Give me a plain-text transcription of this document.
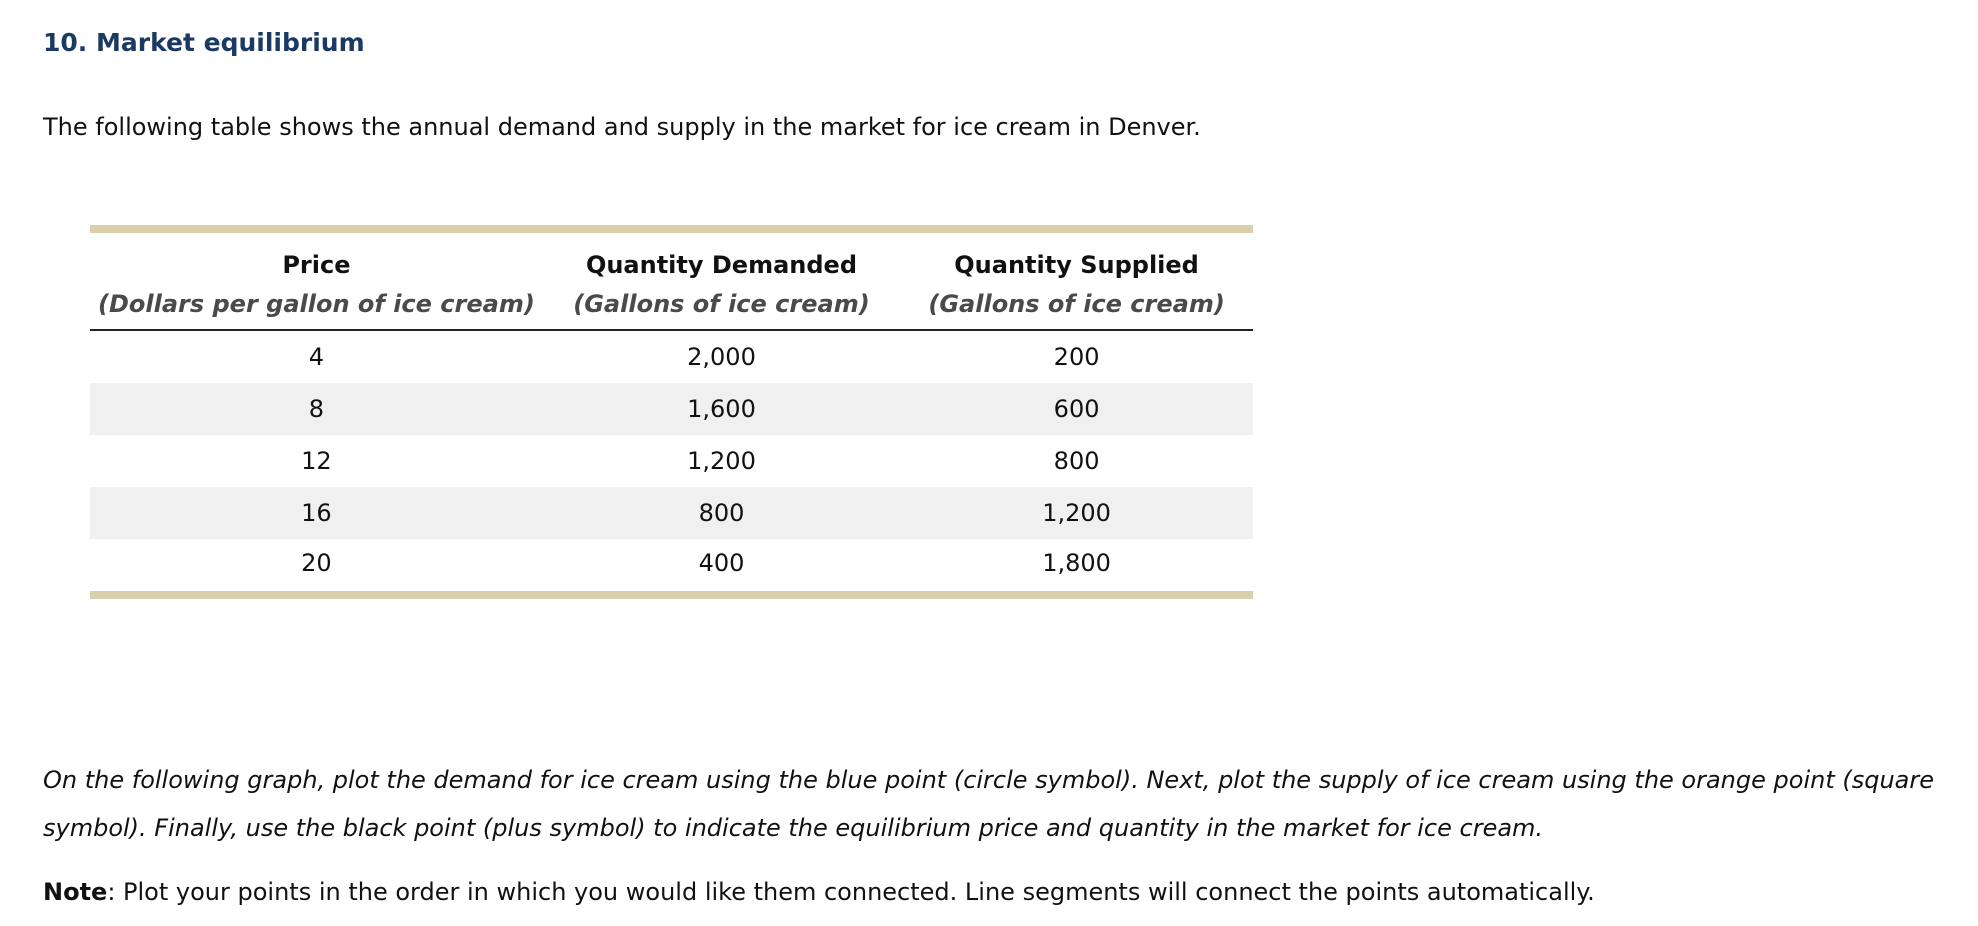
10. Market equilibrium

The following table shows the annual demand and supply in the market for ice cream in Denver.

Price	Quantity Demanded	Quantity Supplied
(Dollars per gallon of ice cream)	(Gallons of ice cream)	(Gallons of ice cream)
4	2,000	200
8	1,600	600
12	1,200	800
16	800	1,200
20	400	1,800

On the following graph, plot the demand for ice cream using the blue point (circle symbol). Next, plot the supply of ice cream using the orange point (square symbol). Finally, use the black point (plus symbol) to indicate the equilibrium price and quantity in the market for ice cream.

Note: Plot your points in the order in which you would like them connected. Line segments will connect the points automatically.
